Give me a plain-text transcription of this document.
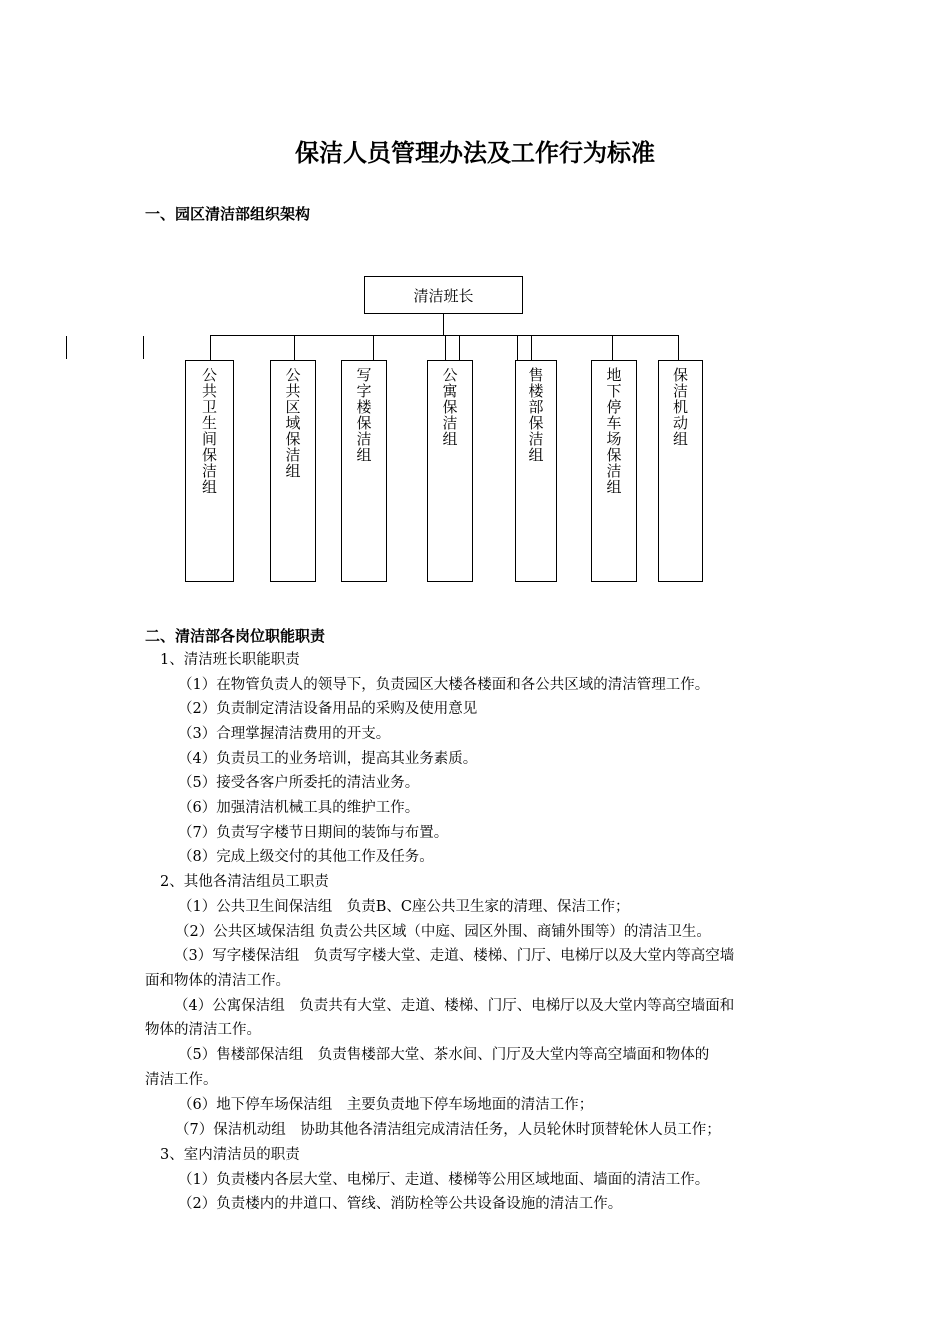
保洁人员管理办法及工作行为标准
一、园区清洁部组织架构
清洁班长
公共卫生间保洁组	公共区域保洁组	写字楼保洁组	公寓保洁组	售楼部保洁组	地下停车场保洁组	保洁机动组
二、清洁部各岗位职能职责
1、清洁班长职能职责
（1）在物管负责人的领导下，负责园区大楼各楼面和各公共区域的清洁管理工作。
（2）负责制定清洁设备用品的采购及使用意见
（3）合理掌握清洁费用的开支。
（4）负责员工的业务培训，提高其业务素质。
（5）接受各客户所委托的清洁业务。
（6）加强清洁机械工具的维护工作。
（7）负责写字楼节日期间的装饰与布置。
（8）完成上级交付的其他工作及任务。
2、其他各清洁组员工职责
（1）公共卫生间保洁组　负责B、C座公共卫生家的清理、保洁工作；
（2）公共区域保洁组 负责公共区域（中庭、园区外围、商铺外围等）的清洁卫生。
（3）写字楼保洁组　负责写字楼大堂、走道、楼梯、门厅、电梯厅以及大堂内等高空墙
面和物体的清洁工作。
（4）公寓保洁组　负责共有大堂、走道、楼梯、门厅、电梯厅以及大堂内等高空墙面和
物体的清洁工作。
（5）售楼部保洁组　负责售楼部大堂、茶水间、门厅及大堂内等高空墙面和物体的
清洁工作。
（6）地下停车场保洁组　主要负责地下停车场地面的清洁工作；
（7）保洁机动组　协助其他各清洁组完成清洁任务，人员轮休时顶替轮休人员工作；
3、室内清洁员的职责
（1）负责楼内各层大堂、电梯厅、走道、楼梯等公用区域地面、墙面的清洁工作。
（2）负责楼内的井道口、管线、消防栓等公共设备设施的清洁工作。
